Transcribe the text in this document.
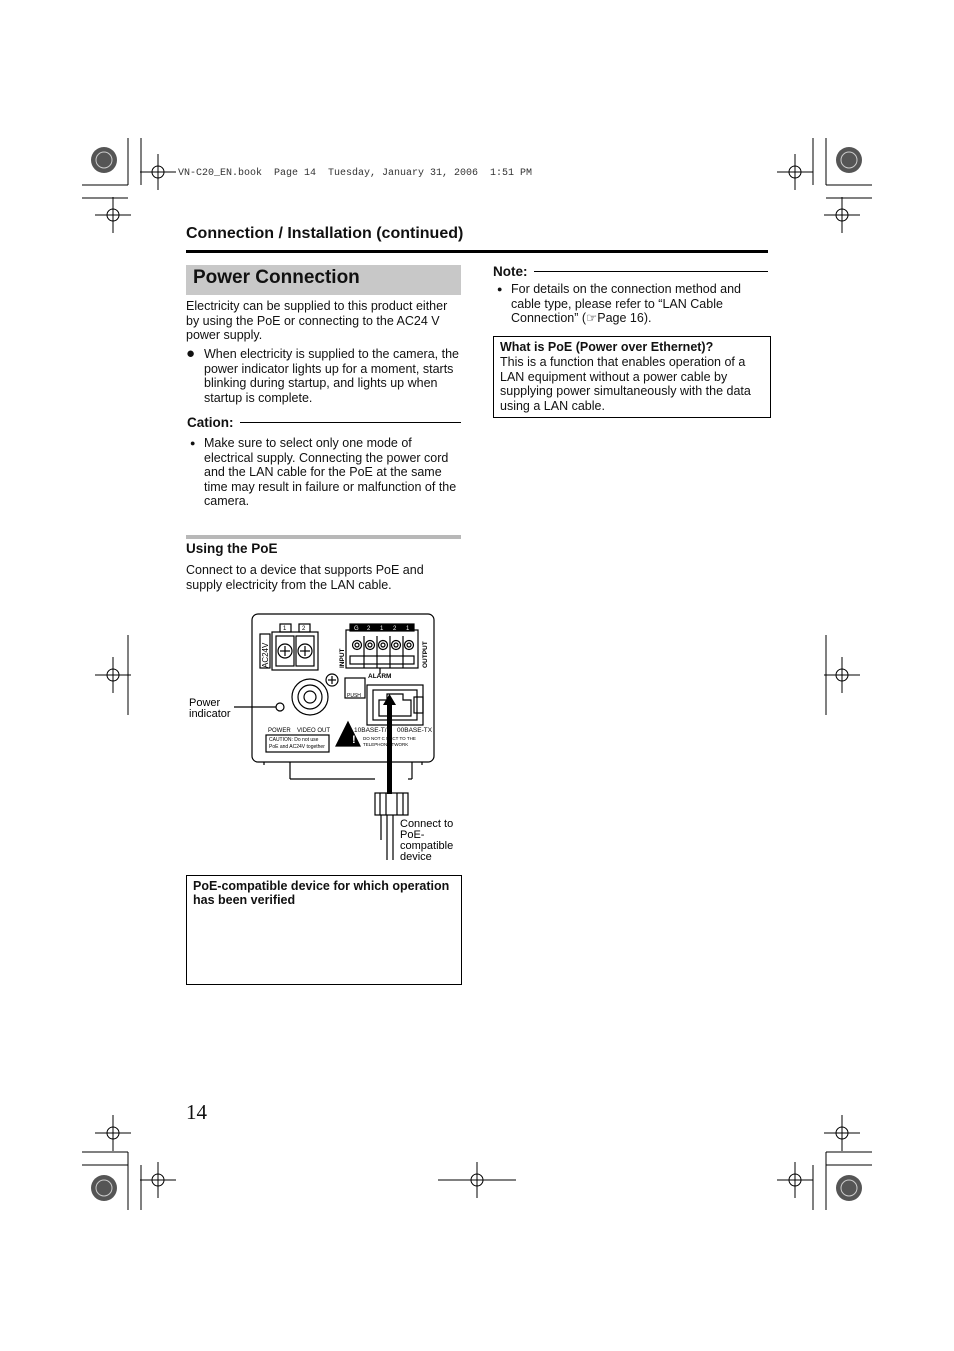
VN-C20_EN.book  Page 14  Tuesday, January 31, 2006  1:51 PM
Connection / Installation (continued)
Power Connection
Electricity can be supplied to this product either by using the PoE or connecting to the AC24 V power supply.
● When electricity is supplied to the camera, the power indicator lights up for a moment, starts blinking during startup, and lights up when startup is complete.
Cation:
● Make sure to select only one mode of electrical supply. Connecting the power cord and the LAN cable for the PoE at the same time may result in failure or malfunction of the camera.
Using the PoE
Connect to a device that supports PoE and supply electricity from the LAN cable.
!
Power
indicator
Connect to
PoE-
compatible
device
AC24V	INPUT	OUTPUT
ALARM
PUSH
1	2	G 2 1 2 1
POWER VIDEO OUT
CAUTION: Do not use
PoE and AC24V together
10BASE-T/ 00BASE-TX
DO NOT C NECT TO THE
TELEPHON ETWORK
PoE-compatible device for which operation has been verified
Note:
● For details on the connection method and cable type, please refer to “LAN Cable Connection” (☞Page 16).
What is PoE (Power over Ethernet)?
This is a function that enables operation of a LAN equipment without a power cable by supplying power simultaneously with the data using a LAN cable.
14
